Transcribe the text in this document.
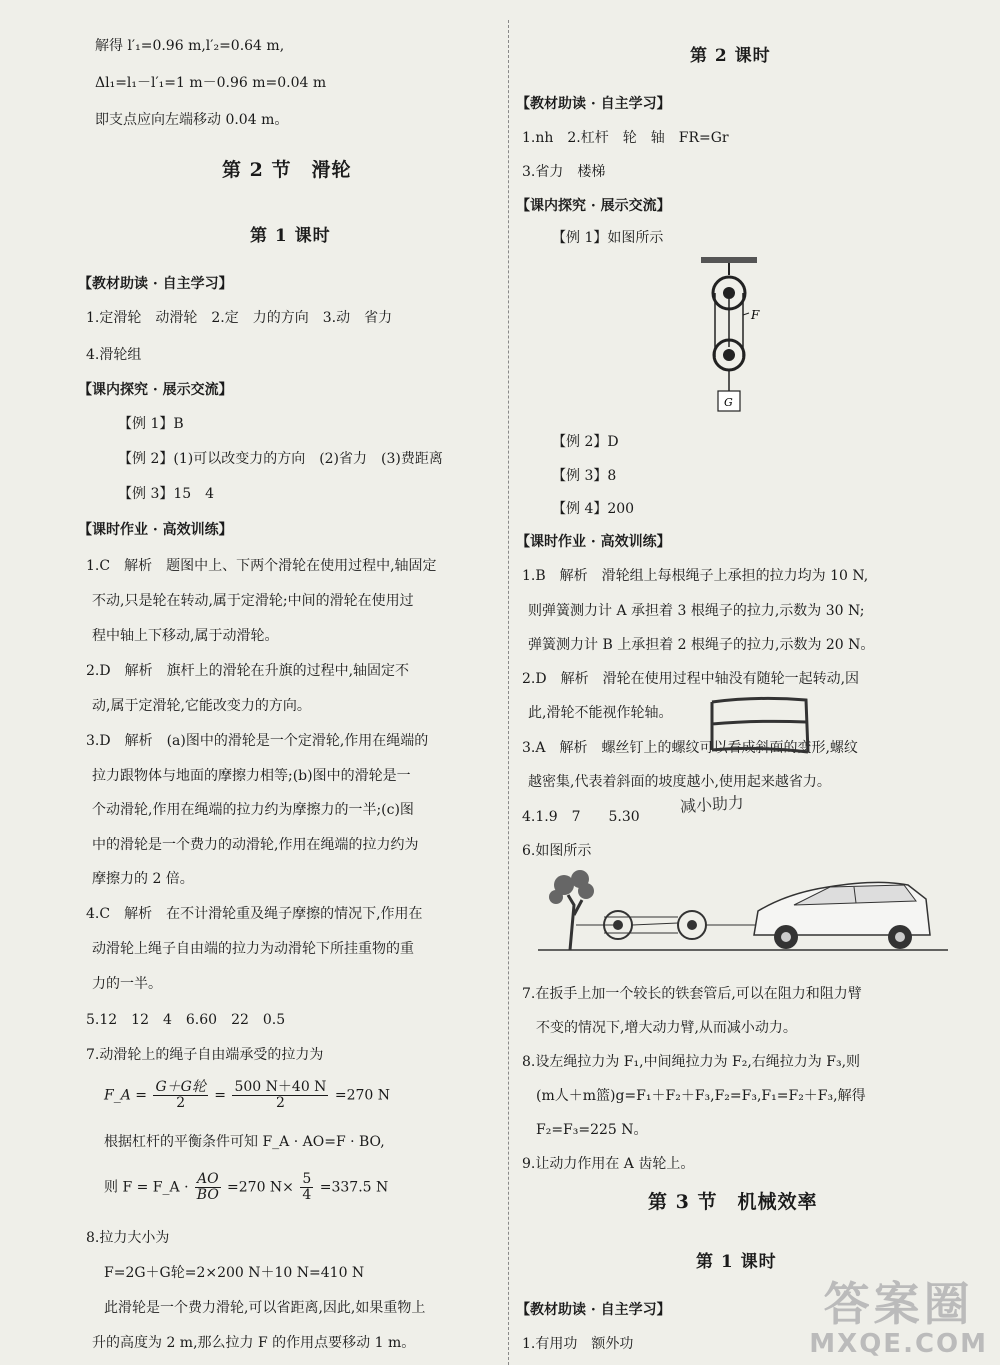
解得 l′₁=0.96 m,l′₂=0.64 m,
Δl₁=l₁－l′₁=1 m－0.96 m=0.04 m
即支点应向左端移动 0.04 m。
第 2 节　滑轮
第 1 课时
【教材助读 · 自主学习】
1.定滑轮　动滑轮　2.定　力的方向　3.动　省力
4.滑轮组
【课内探究 · 展示交流】
【例 1】B
【例 2】(1)可以改变力的方向　(2)省力　(3)费距离
【例 3】15　4
【课时作业 · 高效训练】
1.C　解析　题图中上、下两个滑轮在使用过程中,轴固定
不动,只是轮在转动,属于定滑轮;中间的滑轮在使用过
程中轴上下移动,属于动滑轮。
2.D　解析　旗杆上的滑轮在升旗的过程中,轴固定不
动,属于定滑轮,它能改变力的方向。
3.D　解析　(a)图中的滑轮是一个定滑轮,作用在绳端的
拉力跟物体与地面的摩擦力相等;(b)图中的滑轮是一
个动滑轮,作用在绳端的拉力约为摩擦力的一半;(c)图
中的滑轮是一个费力的动滑轮,作用在绳端的拉力约为
摩擦力的 2 倍。
4.C　解析　在不计滑轮重及绳子摩擦的情况下,作用在
动滑轮上绳子自由端的拉力为动滑轮下所挂重物的重
力的一半。
5.12　12　4　6.60　22　0.5
7.动滑轮上的绳子自由端承受的拉力为
F_A = $\frac{\text{G＋G轮}}{2} = \frac{500 N+40 N}{2} =270$ N
根据杠杆的平衡条件可知 F_A · AO=F · BO,
则 F = F_A · $\frac{AO}{BO} =270$ $N\times \frac{5}{4} =337.5$ N
8.拉力大小为
F=2G＋G轮=2×200 N＋10 N=410 N
此滑轮是一个费力滑轮,可以省距离,因此,如果重物上
升的高度为 2 m,那么拉力 F 的作用点要移动 1 m。
第 2 课时
【教材助读 · 自主学习】
1.nh　2.杠杆　轮　轴　FR=Gr
3.省力　楼梯
【课内探究 · 展示交流】
【例 1】如图所示
F
G
【例 2】D
【例 3】8
【例 4】200
【课时作业 · 高效训练】
1.B　解析　滑轮组上每根绳子上承担的拉力均为 10 N,
则弹簧测力计 A 承担着 3 根绳子的拉力,示数为 30 N;
弹簧测力计 B 上承担着 2 根绳子的拉力,示数为 20 N。
2.D　解析　滑轮在使用过程中轴没有随轮一起转动,因
此,滑轮不能视作轮轴。
3.A　解析　螺丝钉上的螺纹可以看成斜面的变形,螺纹
越密集,代表着斜面的坡度越小,使用起来越省力。
4.1.9　7　　5.30
6.如图所示
减小助力
7.在扳手上加一个较长的铁套管后,可以在阻力和阻力臂
不变的情况下,增大动力臂,从而减小动力。
8.设左绳拉力为 F₁,中间绳拉力为 F₂,右绳拉力为 F₃,则
(m人＋m篮)g=F₁＋F₂＋F₃,F₂=F₃,F₁=F₂＋F₃,解得
F₂=F₃=225 N。
9.让动力作用在 A 齿轮上。
第 3 节　机械效率
第 1 课时
【教材助读 · 自主学习】
1.有用功　额外功
答案圈
MXQE.COM
